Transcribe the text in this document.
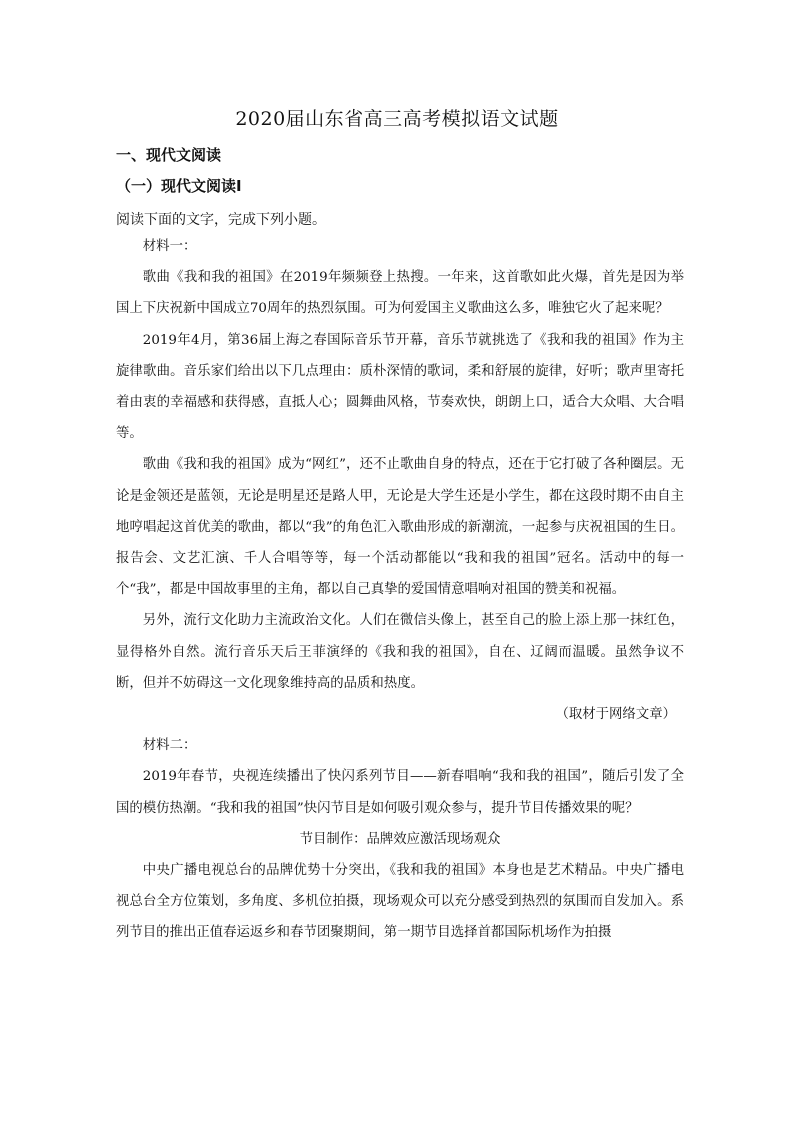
2020届山东省高三高考模拟语文试题
一、现代文阅读
（一）现代文阅读Ⅰ

阅读下面的文字，完成下列小题。

材料一：

歌曲《我和我的祖国》在2019年频频登上热搜。一年来，这首歌如此火爆，首先是因为举国上下庆祝新中国成立70周年的热烈氛围。可为何爱国主义歌曲这么多，唯独它火了起来呢？

2019年4月，第36届上海之春国际音乐节开幕，音乐节就挑选了《我和我的祖国》作为主旋律歌曲。音乐家们给出以下几点理由：质朴深情的歌词，柔和舒展的旋律，好听；歌声里寄托着由衷的幸福感和获得感，直抵人心；圆舞曲风格，节奏欢快，朗朗上口，适合大众唱、大合唱等。

歌曲《我和我的祖国》成为“网红”，还不止歌曲自身的特点，还在于它打破了各种圈层。无论是金领还是蓝领，无论是明星还是路人甲，无论是大学生还是小学生，都在这段时期不由自主地哼唱起这首优美的歌曲，都以“我”的角色汇入歌曲形成的新潮流，一起参与庆祝祖国的生日。报告会、文艺汇演、千人合唱等等，每一个活动都能以“我和我的祖国”冠名。活动中的每一个“我”，都是中国故事里的主角，都以自己真挚的爱国情意唱响对祖国的赞美和祝福。

另外，流行文化助力主流政治文化。人们在微信头像上，甚至自己的脸上添上那一抹红色，显得格外自然。流行音乐天后王菲演绎的《我和我的祖国》，自在、辽阔而温暖。虽然争议不断，但并不妨碍这一文化现象维持高的品质和热度。

（取材于网络文章）

材料二：

2019年春节，央视连续播出了快闪系列节目——新春唱响“我和我的祖国”，随后引发了全国的模仿热潮。“我和我的祖国”快闪节目是如何吸引观众参与，提升节目传播效果的呢？

节目制作：品牌效应激活现场观众

中央广播电视总台的品牌优势十分突出，《我和我的祖国》本身也是艺术精品。中央广播电视总台全方位策划，多角度、多机位拍摄，现场观众可以充分感受到热烈的氛围而自发加入。系列节目的推出正值春运返乡和春节团聚期间，第一期节目选择首都国际机场作为拍摄
